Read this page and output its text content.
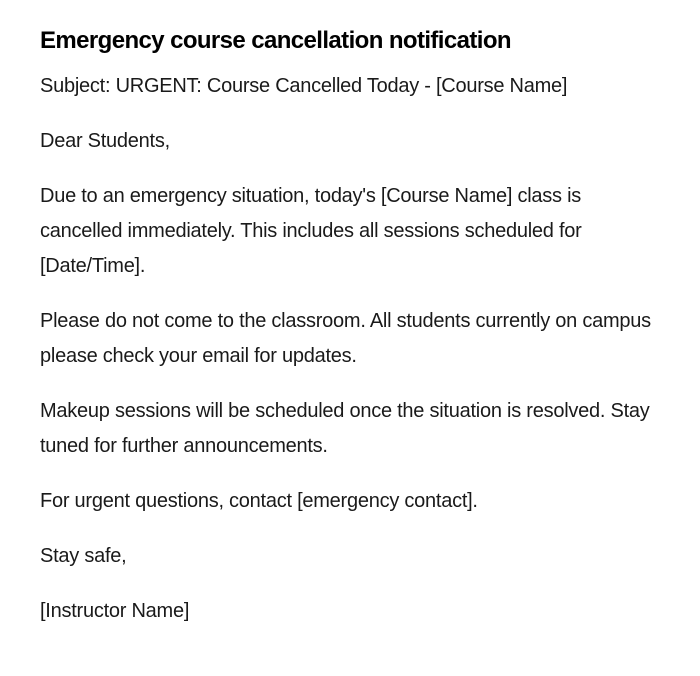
Emergency course cancellation notification

Subject: URGENT: Course Cancelled Today - [Course Name]

Dear Students,

Due to an emergency situation, today's [Course Name] class is cancelled immediately. This includes all sessions scheduled for [Date/Time].

Please do not come to the classroom. All students currently on campus please check your email for updates.

Makeup sessions will be scheduled once the situation is resolved. Stay tuned for further announcements.

For urgent questions, contact [emergency contact].

Stay safe,

[Instructor Name]
